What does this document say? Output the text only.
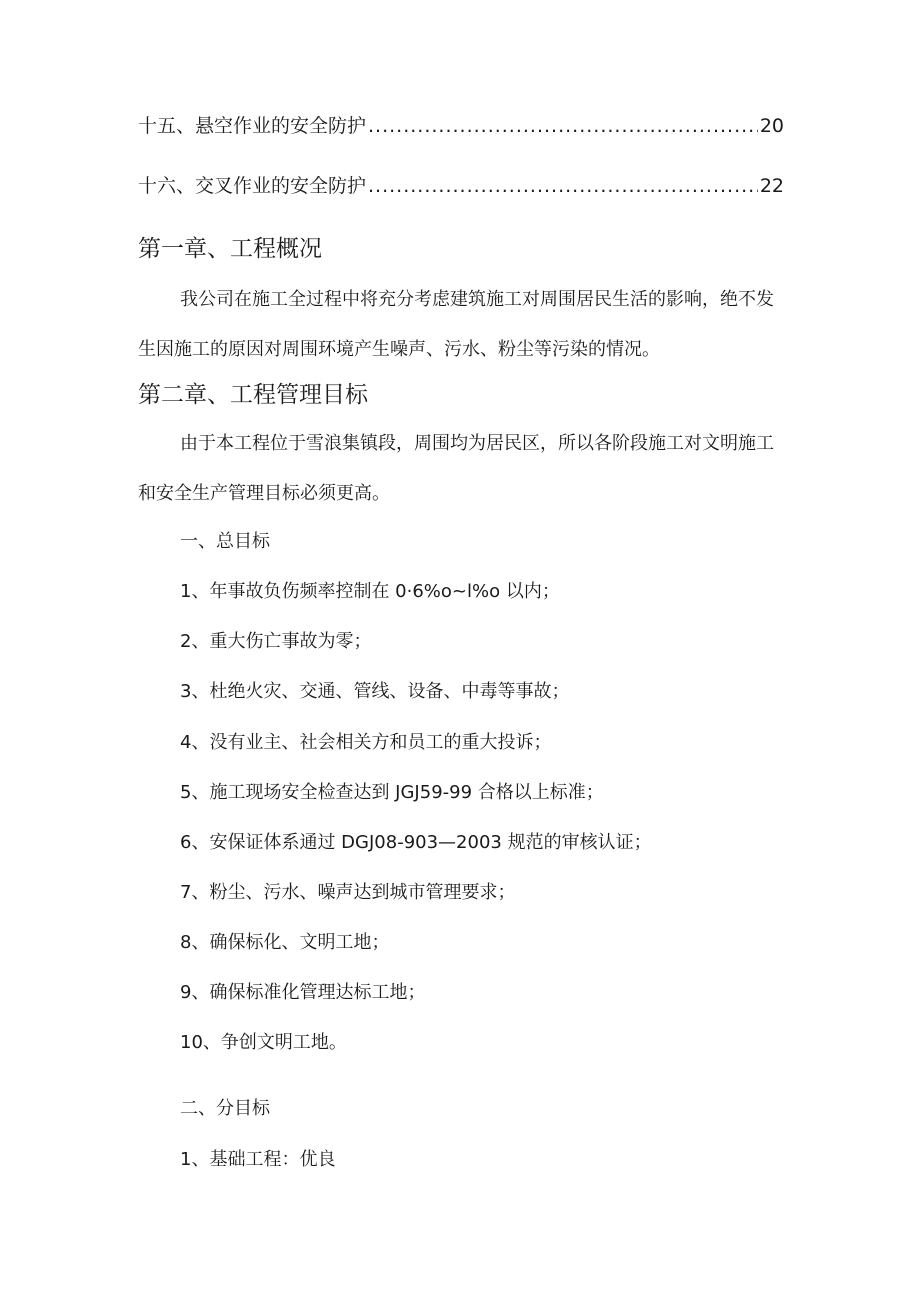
十五、悬空作业的安全防护 .....	20
十六、交叉作业的安全防护 .....	22
第一章、工程概况
我公司在施工全过程中将充分考虑建筑施工对周围居民生活的影响，绝不发
生因施工的原因对周围环境产生噪声、污水、粉尘等污染的情况。
第二章、工程管理目标
由于本工程位于雪浪集镇段，周围均为居民区，所以各阶段施工对文明施工
和安全生产管理目标必须更高。
一、总目标
1、年事故负伤频率控制在 0·6%o~l%o 以内；
2、重大伤亡事故为零；
3、杜绝火灾、交通、管线、设备、中毒等事故；
4、没有业主、社会相关方和员工的重大投诉；
5、施工现场安全检查达到 JGJ59-99 合格以上标准；
6、安保证体系通过 DGJ08-903—2003 规范的审核认证；
7、粉尘、污水、噪声达到城市管理要求；
8、确保标化、文明工地；
9、确保标准化管理达标工地；
10、争创文明工地。
二、分目标
1、基础工程：优良
